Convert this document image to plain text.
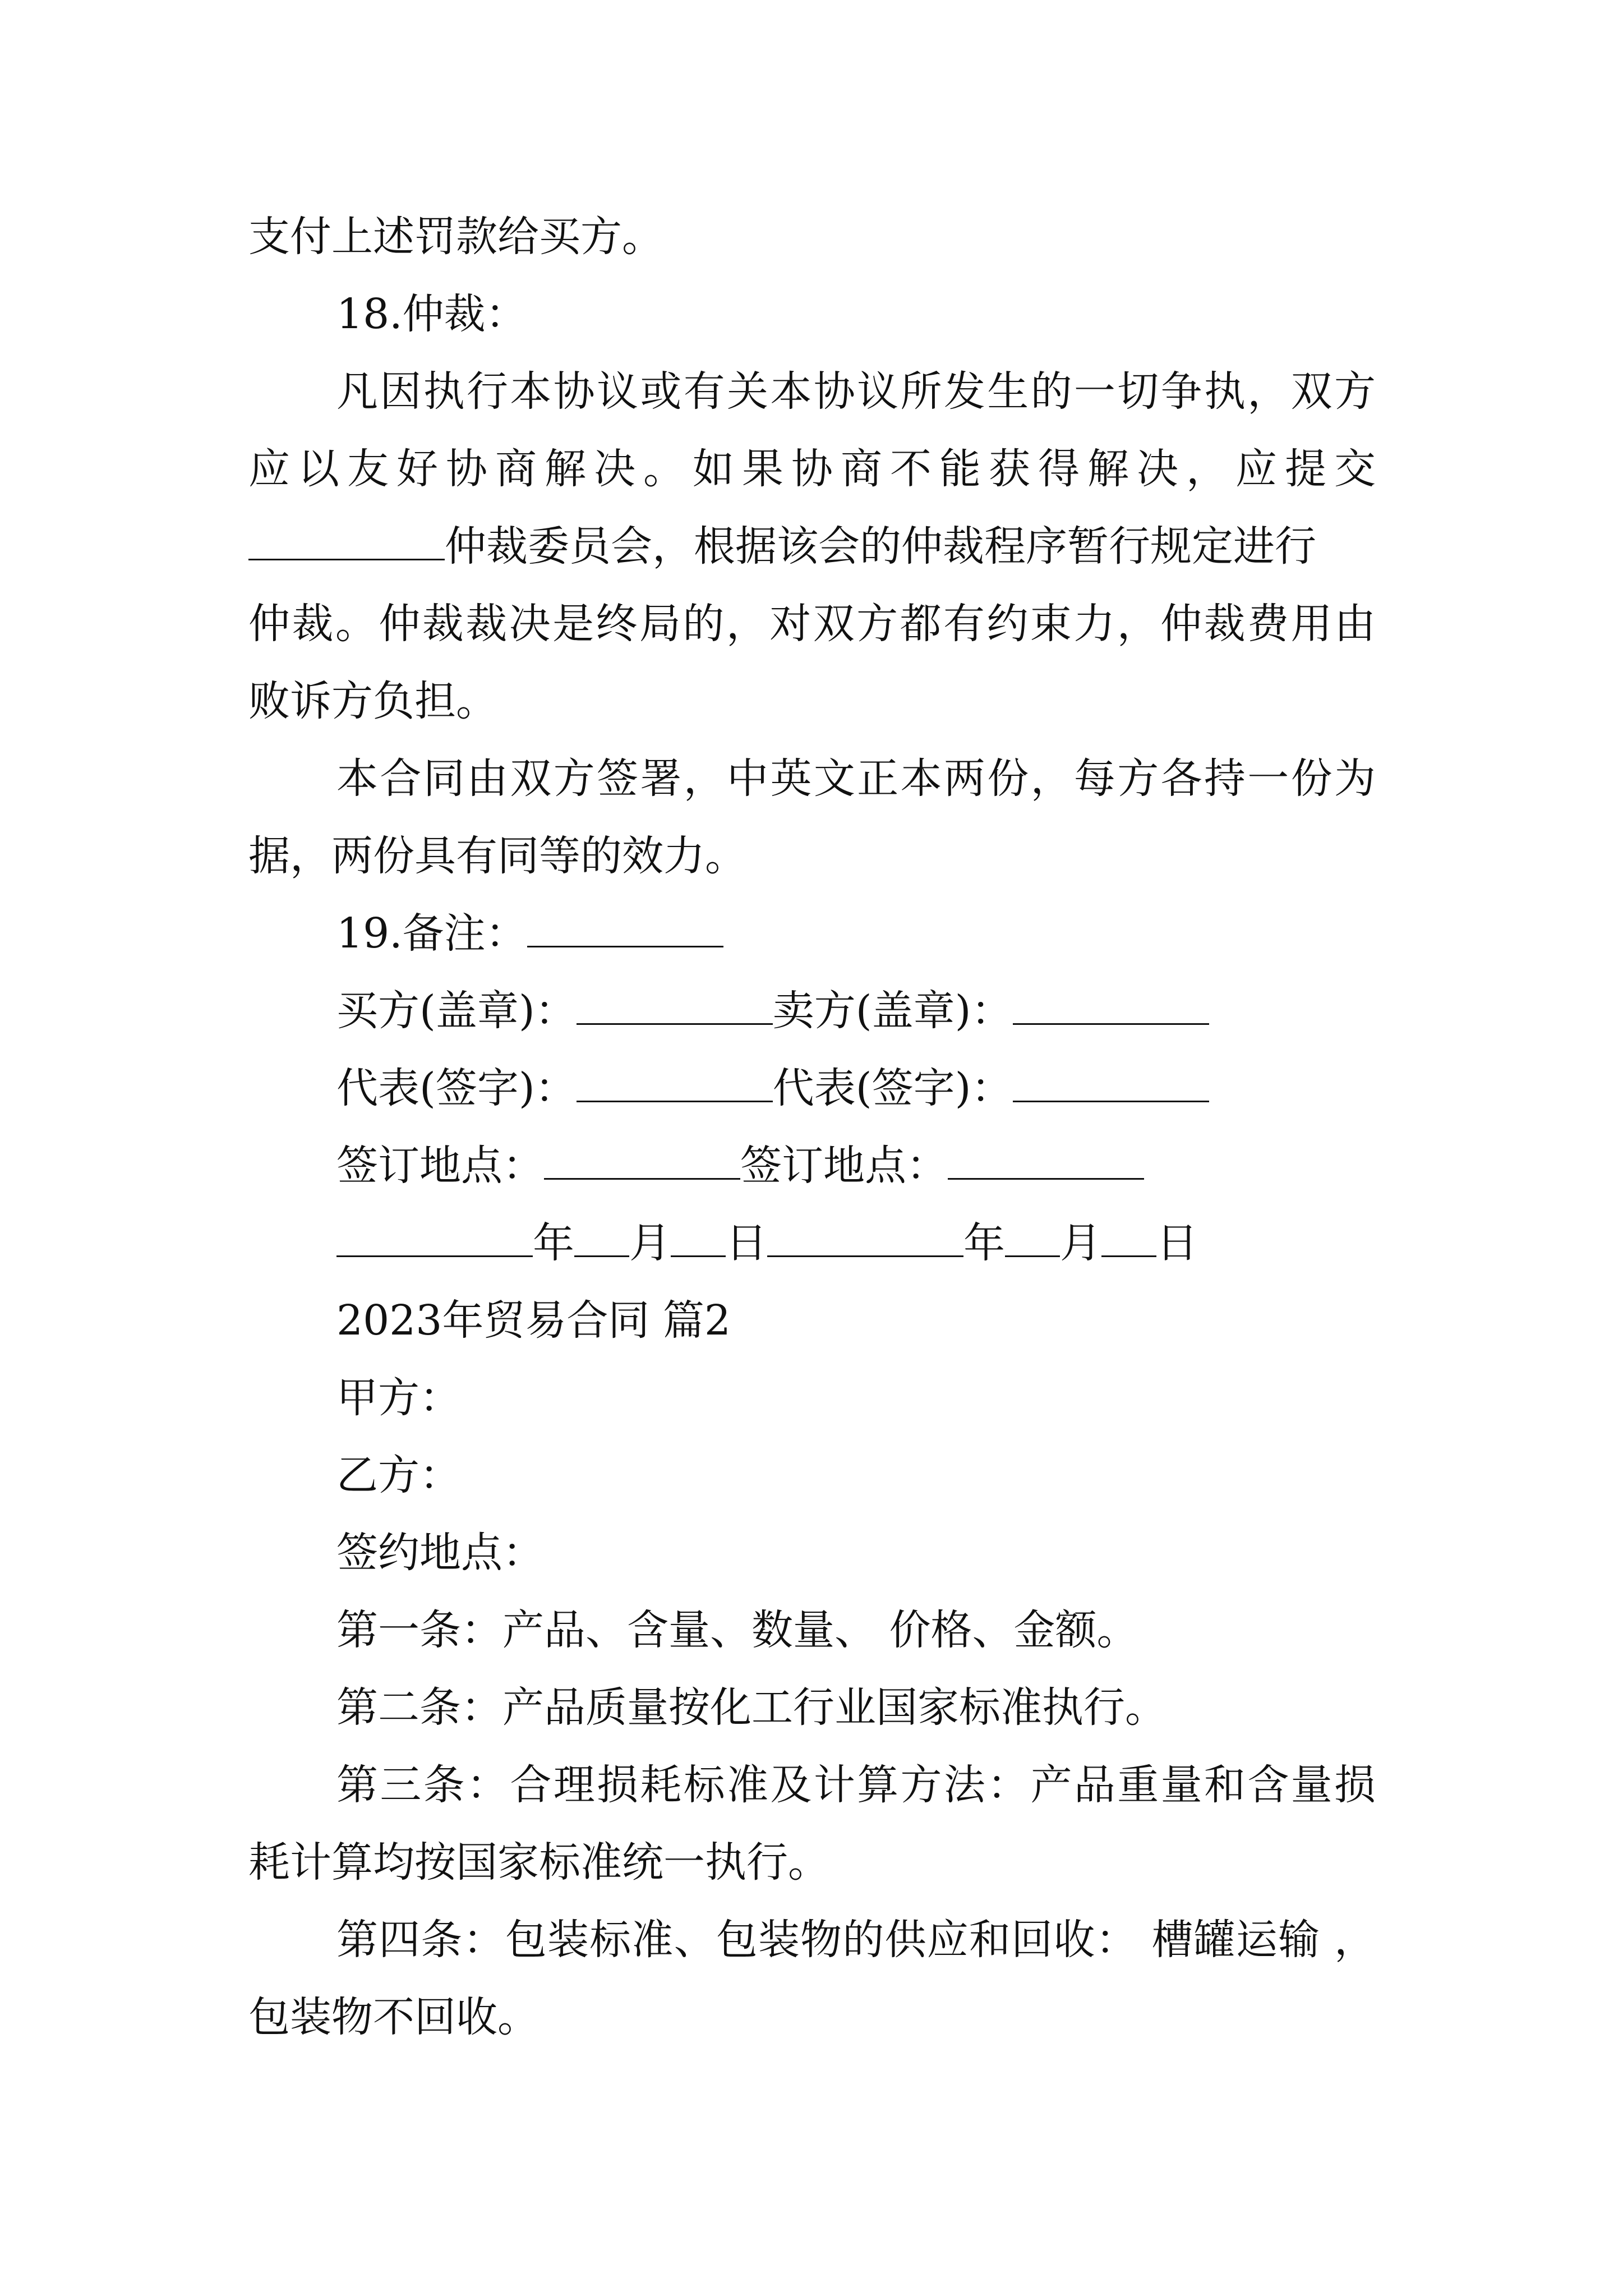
支付上述罚款给买方。
18.仲裁：
凡因执行本协议或有关本协议所发生的一切争执，双方
应以友好协商解决。如果协商不能获得解决，应提交
仲裁委员会，根据该会的仲裁程序暂行规定进行
仲裁。仲裁裁决是终局的，对双方都有约束力，仲裁费用由
败诉方负担。
本合同由双方签署，中英文正本两份，每方各持一份为
据，两份具有同等的效力。
19.备注：
买方(盖章)：	卖方(盖章)：
代表(签字)：	代表(签字)：
签订地点：	签订地点：
年 月 日	年 月 日
2023年贸易合同 篇2
甲方：
乙方：
签约地点：
第一条：产品、含量、数量、 价格、金额。
第二条：产品质量按化工行业国家标准执行。
第三条：合理损耗标准及计算方法：产品重量和含量损
耗计算均按国家标准统一执行。
第四条：包装标准、包装物的供应和回收： 槽罐运输 ，
包装物不回收。
